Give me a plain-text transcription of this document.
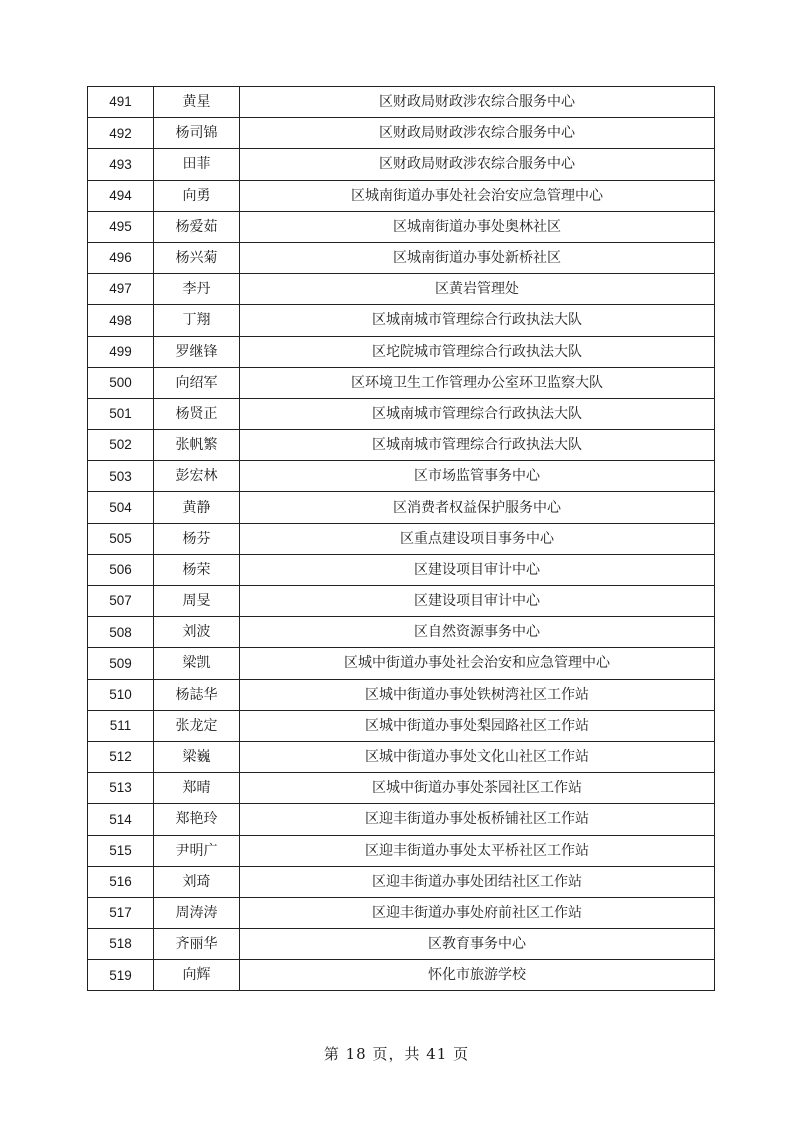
491	黄星	区财政局财政涉农综合服务中心
492	杨司锦	区财政局财政涉农综合服务中心
493	田菲	区财政局财政涉农综合服务中心
494	向勇	区城南街道办事处社会治安应急管理中心
495	杨爱茹	区城南街道办事处奥林社区
496	杨兴菊	区城南街道办事处新桥社区
497	李丹	区黄岩管理处
498	丁翔	区城南城市管理综合行政执法大队
499	罗继锋	区坨院城市管理综合行政执法大队
500	向绍军	区环境卫生工作管理办公室环卫监察大队
501	杨贤正	区城南城市管理综合行政执法大队
502	张帆繁	区城南城市管理综合行政执法大队
503	彭宏林	区市场监管事务中心
504	黄静	区消费者权益保护服务中心
505	杨芬	区重点建设项目事务中心
506	杨荣	区建设项目审计中心
507	周旻	区建设项目审计中心
508	刘波	区自然资源事务中心
509	梁凯	区城中街道办事处社会治安和应急管理中心
510	杨誌华	区城中街道办事处铁树湾社区工作站
511	张龙定	区城中街道办事处梨园路社区工作站
512	梁巍	区城中街道办事处文化山社区工作站
513	郑晴	区城中街道办事处茶园社区工作站
514	郑艳玲	区迎丰街道办事处板桥铺社区工作站
515	尹明广	区迎丰街道办事处太平桥社区工作站
516	刘琦	区迎丰街道办事处团结社区工作站
517	周涛涛	区迎丰街道办事处府前社区工作站
518	齐丽华	区教育事务中心
519	向辉	怀化市旅游学校
第 18 页，共 41 页
